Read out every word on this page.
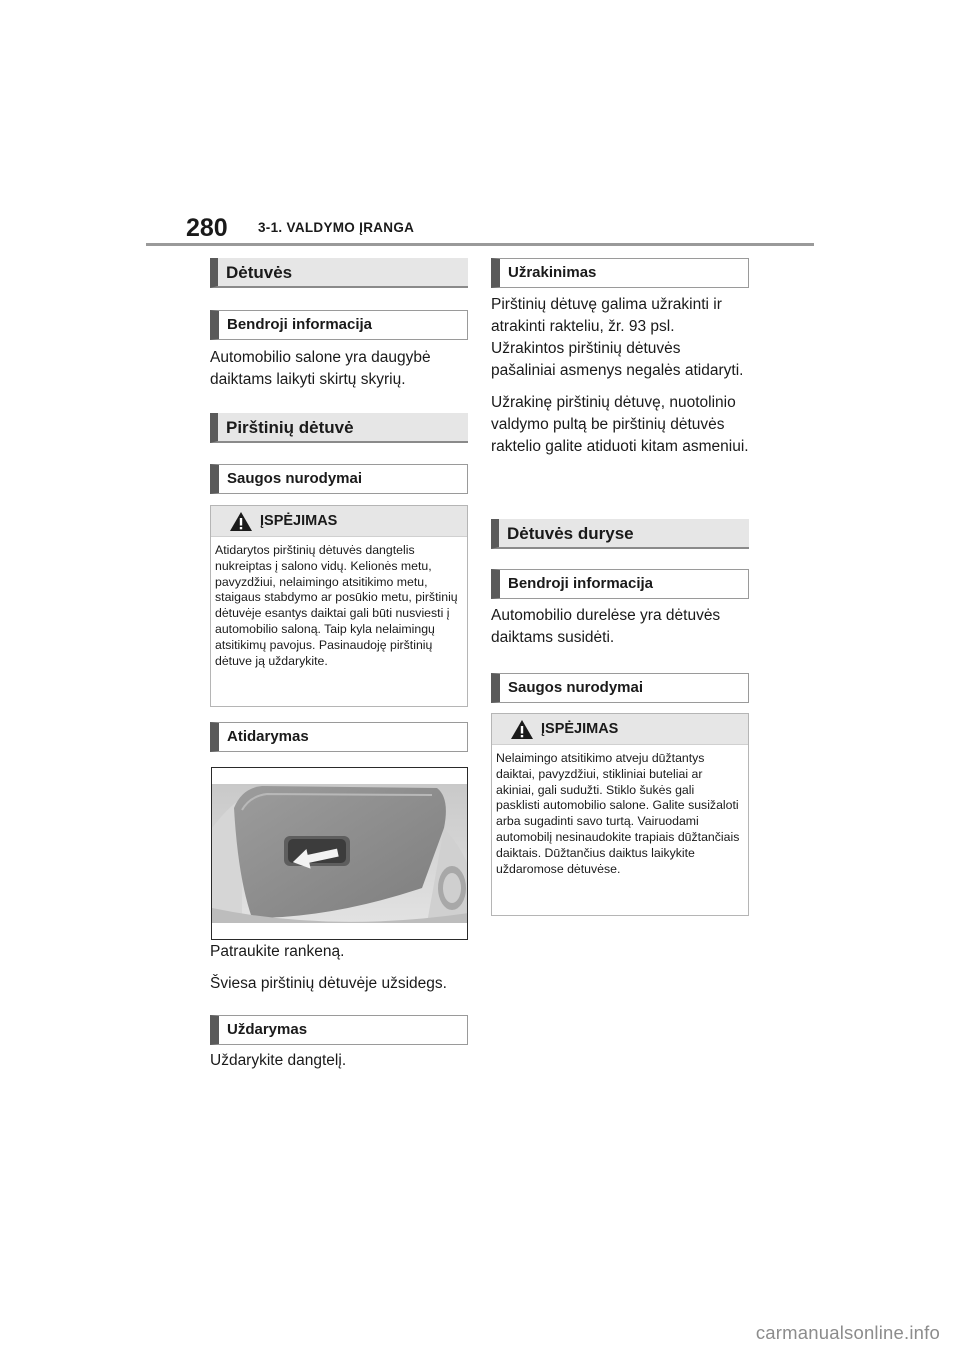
280 3-1. VALDYMO ĮRANGA
Dėtuvės
Bendroji informacija
Automobilio salone yra daugybė daiktams laikyti skirtų skyrių.
Pirštinių dėtuvė
Saugos nurodymai
ĮSPĖJIMAS
Atidarytos pirštinių dėtuvės dangtelis nukreiptas į salono vidų. Kelionės metu, pavyzdžiui, nelaimingo atsitikimo metu, staigaus stabdymo ar posūkio metu, pirštinių dėtuvėje esantys daiktai gali būti nusviesti į automobilio saloną. Taip kyla nelaimingų atsitikimų pavojus. Pasinaudoję pirštinių dėtuve ją uždarykite.
Atidarymas

Patraukite rankeną.

Šviesa pirštinių dėtuvėje užsidegs.

Uždarymas
Uždarykite dangtelį.
Užrakinimas

Pirštinių dėtuvę galima užrakinti ir atrakinti rakteliu, žr. 93 psl. Užrakintos pirštinių dėtuvės pašaliniai asmenys negalės atidaryti.

Užrakinę pirštinių dėtuvę, nuotolinio valdymo pultą be pirštinių dėtuvės raktelio galite atiduoti kitam asmeniui.

Dėtuvės duryse
Bendroji informacija
Automobilio durelėse yra dėtuvės daiktams susidėti.
Saugos nurodymai
ĮSPĖJIMAS
Nelaimingo atsitikimo atveju dūžtantys daiktai, pavyzdžiui, stikliniai buteliai ar akiniai, gali sudužti. Stiklo šukės gali pasklisti automobilio salone. Galite susižaloti arba sugadinti savo turtą. Vairuodami automobilį nesinaudokite trapiais dūžtančiais daiktais. Dūžtančius daiktus laikykite uždaromose dėtuvėse.
carmanualsonline.info
